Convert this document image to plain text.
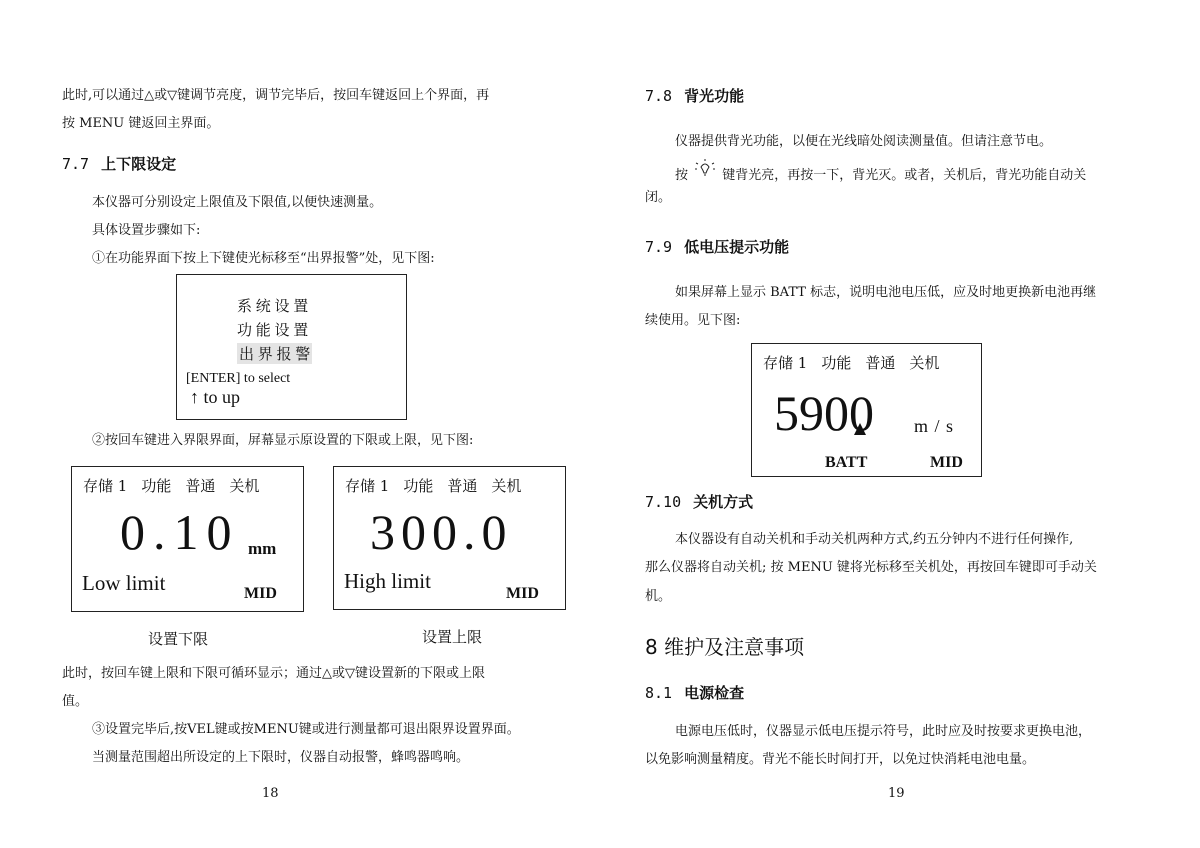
此时,可以通过△或▽键调节亮度，调节完毕后，按回车键返回上个界面，再
按 MENU 键返回主界面。
7.7 上下限设定
本仪器可分别设定上限值及下限值,以便快速测量。
具体设置步骤如下:
①在功能界面下按上下键使光标移至“出界报警”处，见下图:
系 统 设 置
功 能 设 置
出 界 报 警
[ENTER] to select
↑ to up
②按回车键进入界限界面，屏幕显示原设置的下限或上限，见下图:
存储 1 功能 普通 关机
0.10 mm
Low limit	MID
存储 1 功能 普通 关机
300.0
High limit
MID
设置下限	设置上限
此时，按回车键上限和下限可循环显示；通过△或▽键设置新的下限或上限
值。
③设置完毕后,按VEL键或按MENU键或进行测量都可退出限界设置界面。
当测量范围超出所设定的上下限时，仪器自动报警，蜂鸣器鸣响。
18
7.8 背光功能
仪器提供背光功能，以便在光线暗处阅读测量值。但请注意节电。
按	键背光亮，再按一下，背光灭。或者，关机后，背光功能自动关
闭。
7.9 低电压提示功能
如果屏幕上显示 BATT 标志，说明电池电压低，应及时地更换新电池再继
续使用。见下图:
存储 1 功能 普通 关机
5900 m / s
BATT	MID
7.10 关机方式
本仪器设有自动关机和手动关机两种方式,约五分钟内不进行任何操作,
那么仪器将自动关机; 按 MENU 键将光标移至关机处，再按回车键即可手动关
机。
8 维护及注意事项
8.1 电源检查
电源电压低时，仪器显示低电压提示符号，此时应及时按要求更换电池，
以免影响测量精度。背光不能长时间打开，以免过快消耗电池电量。
19
